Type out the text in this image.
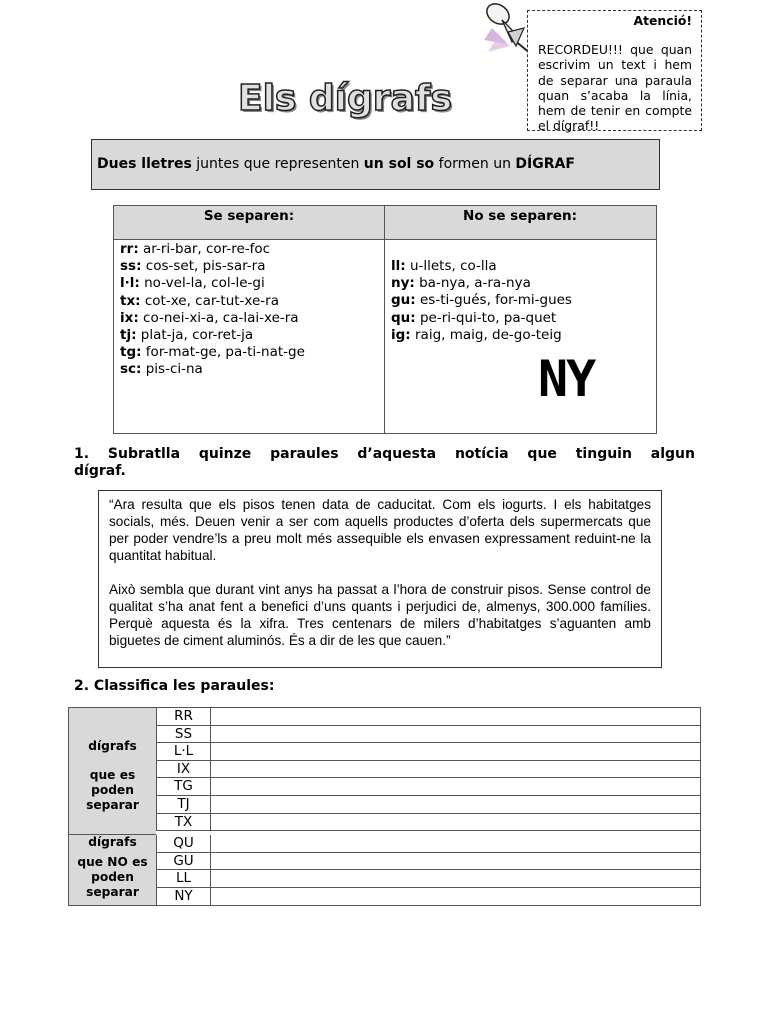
Atenció!
RECORDEU!!! que quan escrivim un text i hem de separar una paraula quan s’acaba la línia, hem de tenir en compte el dígraf!!
Els dígrafs
Dues lletres juntes que representen un sol so formen un DÍGRAF
Se separen:	No se separen:
rr: ar-ri-bar, cor-re-foc
ss: cos-set, pis-sar-ra
l·l: no-vel-la, col-le-gi
tx: cot-xe, car-tut-xe-ra
ix: co-nei-xi-a, ca-lai-xe-ra
tj: plat-ja, cor-ret-ja
tg: for-mat-ge, pa-ti-nat-ge
sc: pis-ci-na
ll: u-llets, co-lla
ny: ba-nya, a-ra-nya
gu: es-ti-gués, for-mi-gues
qu: pe-ri-qui-to, pa-quet
ig: raig, maig, de-go-teig
NY
1. Subratlla quinze paraules d’aquesta notícia que tinguin algun
dígraf.

“Ara resulta que els pisos tenen data de caducitat. Com els iogurts. I els habitatges socials, més. Deuen venir a ser com aquells productes d’oferta dels supermercats que per poder vendre’ls a preu molt més assequible els envasen expressament reduint-ne la quantitat habitual.

Això sembla que durant vint anys ha passat a l’hora de construir pisos. Sense control de qualitat s’ha anat fent a benefici d’uns quants i perjudici de, almenys, 300.000 famílies. Perquè aquesta és la xifra. Tres centenars de milers d’habitatges s’aguanten amb biguetes de ciment aluminós. És a dir de les que cauen.”

2. Classifica les paraules:
dígrafs
que es
poden
separar
dígrafs
que NO es
poden
separar
RR
SS
L·L
IX
TG
TJ
TX
QU
GU
LL
NY
